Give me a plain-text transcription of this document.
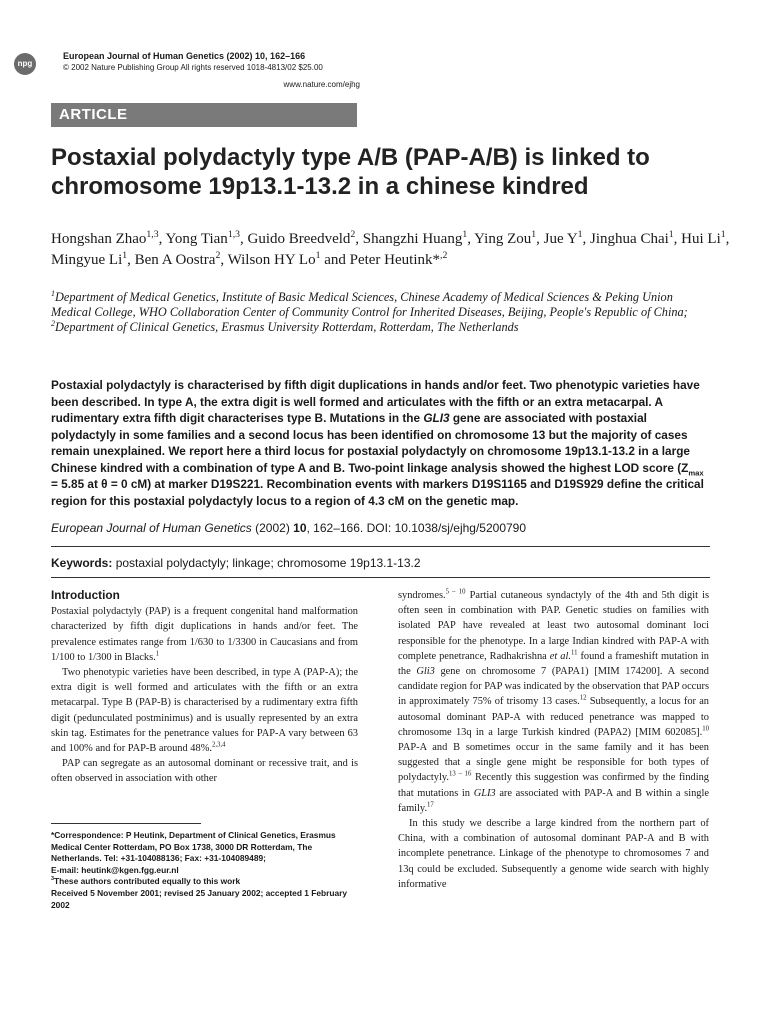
npg
European Journal of Human Genetics (2002) 10, 162–166
© 2002 Nature Publishing Group All rights reserved 1018-4813/02 $25.00
www.nature.com/ejhg
ARTICLE
Postaxial polydactyly type A/B (PAP-A/B) is linked to chromosome 19p13.1-13.2 in a chinese kindred
Hongshan Zhao$^{1,3}$, Yong Tian$^{1,3}$, Guido Breedveld$^2$, Shangzhi Huang$^1$, Ying Zou$^1$, Jue $Y^1$, Jinghua Chai$^1$, Hui Li$^1$, Mingyue Li$^1$, Ben A Oostra$^2$, Wilson HY Lo$^1$ and Peter Heutink*$^{,2}$
$^1$Department of Medical Genetics, Institute of Basic Medical Sciences, Chinese Academy of Medical Sciences & Peking Union Medical College, WHO Collaboration Center of Community Control for Inherited Diseases, Beijing, People's Republic of China; $^2$Department of Clinical Genetics, Erasmus University Rotterdam, Rotterdam, The Netherlands
Postaxial polydactyly is characterised by fifth digit duplications in hands and/or feet. Two phenotypic varieties have been described. In type A, the extra digit is well formed and articulates with the fifth or an extra metacarpal. A rudimentary extra fifth digit characterises type B. Mutations in the GLI3 gene are associated with postaxial polydactyly in some families and a second locus has been identified on chromosome 13 but the majority of cases remain unexplained. We report here a third locus for postaxial polydactyly on chromosome 19p13.1-13.2 in a large Chinese kindred with a combination of type A and B. Two-point linkage analysis showed the highest LOD score ($Z_{max} = 5.85$ at θ = 0 cM) at marker D19S221. Recombination events with markers D19S1165 and D19S929 define the critical region for this postaxial polydactyly locus to a region of 4.3 cM on the genetic map.
European Journal of Human Genetics (2002) 10, 162–166. DOI: 10.1038/sj/ejhg/5200790
Keywords: postaxial polydactyly; linkage; chromosome 19p13.1-13.2
Introduction

Postaxial polydactyly (PAP) is a frequent congenital hand malformation characterized by fifth digit duplications in hands and/or feet. The prevalence estimates range from 1/630 to 1/3300 in Caucasians and from 1/100 to 1/300 in Blacks.$^1$

Two phenotypic varieties have been described, in type A (PAP-A); the extra digit is well formed and articulates with the fifth or an extra metacarpal. Type B (PAP-B) is characterised by a rudimentary extra fifth digit (pedunculated postminimus) and is usually represented by an extra skin tag. Estimates for the penetrance values for PAP-A vary between 63 and 100% and for PAP-B around 48%.$^{2,3,4}$

PAP can segregate as an autosomal dominant or recessive trait, and is often observed in association with other

syndromes.$^{5 - 10}$ Partial cutaneous syndactyly of the 4th and 5th digit is often seen in combination with PAP. Genetic studies on families with isolated PAP have revealed at least two autosomal dominant loci responsible for the phenotype. In a large Indian kindred with PAP-A with complete penetrance, Radhakrishna et al.$^{11}$ found a frameshift mutation in the Gli3 gene on chromosome 7 (PAPA1) [MIM 174200]. A second candidate region for PAP was indicated by the observation that PAP occurs in approximately 75% of trisomy 13 cases.$^{12}$ Subsequently, a locus for an autosomal dominant PAP-A with reduced penetrance was mapped to chromosome 13q in a large Turkish kindred (PAPA2) [MIM 602085].$^{10}$ PAP-A and B sometimes occur in the same family and it has been suggested that a single gene might be responsible for both types of polydactyly.$^{13 - 16}$ Recently this suggestion was confirmed by the finding that mutations in GLI3 are associated with PAP-A and B within a single family.$^{17}$

In this study we describe a large kindred from the northern part of China, with a combination of autosomal dominant PAP-A and B with incomplete penetrance. Linkage of the phenotype to chromosomes 7 and 13q could be excluded. Subsequently a genome wide search with highly informative

*Correspondence: P Heutink, Department of Clinical Genetics, Erasmus Medical Center Rotterdam, PO Box 1738, 3000 DR Rotterdam, The Netherlands. Tel: +31-104088136; Fax: +31-104089489;
E-mail: heutink@kgen.fgg.eur.nl
$^3$These authors contributed equally to this work
Received 5 November 2001; revised 25 January 2002; accepted 1 February 2002
